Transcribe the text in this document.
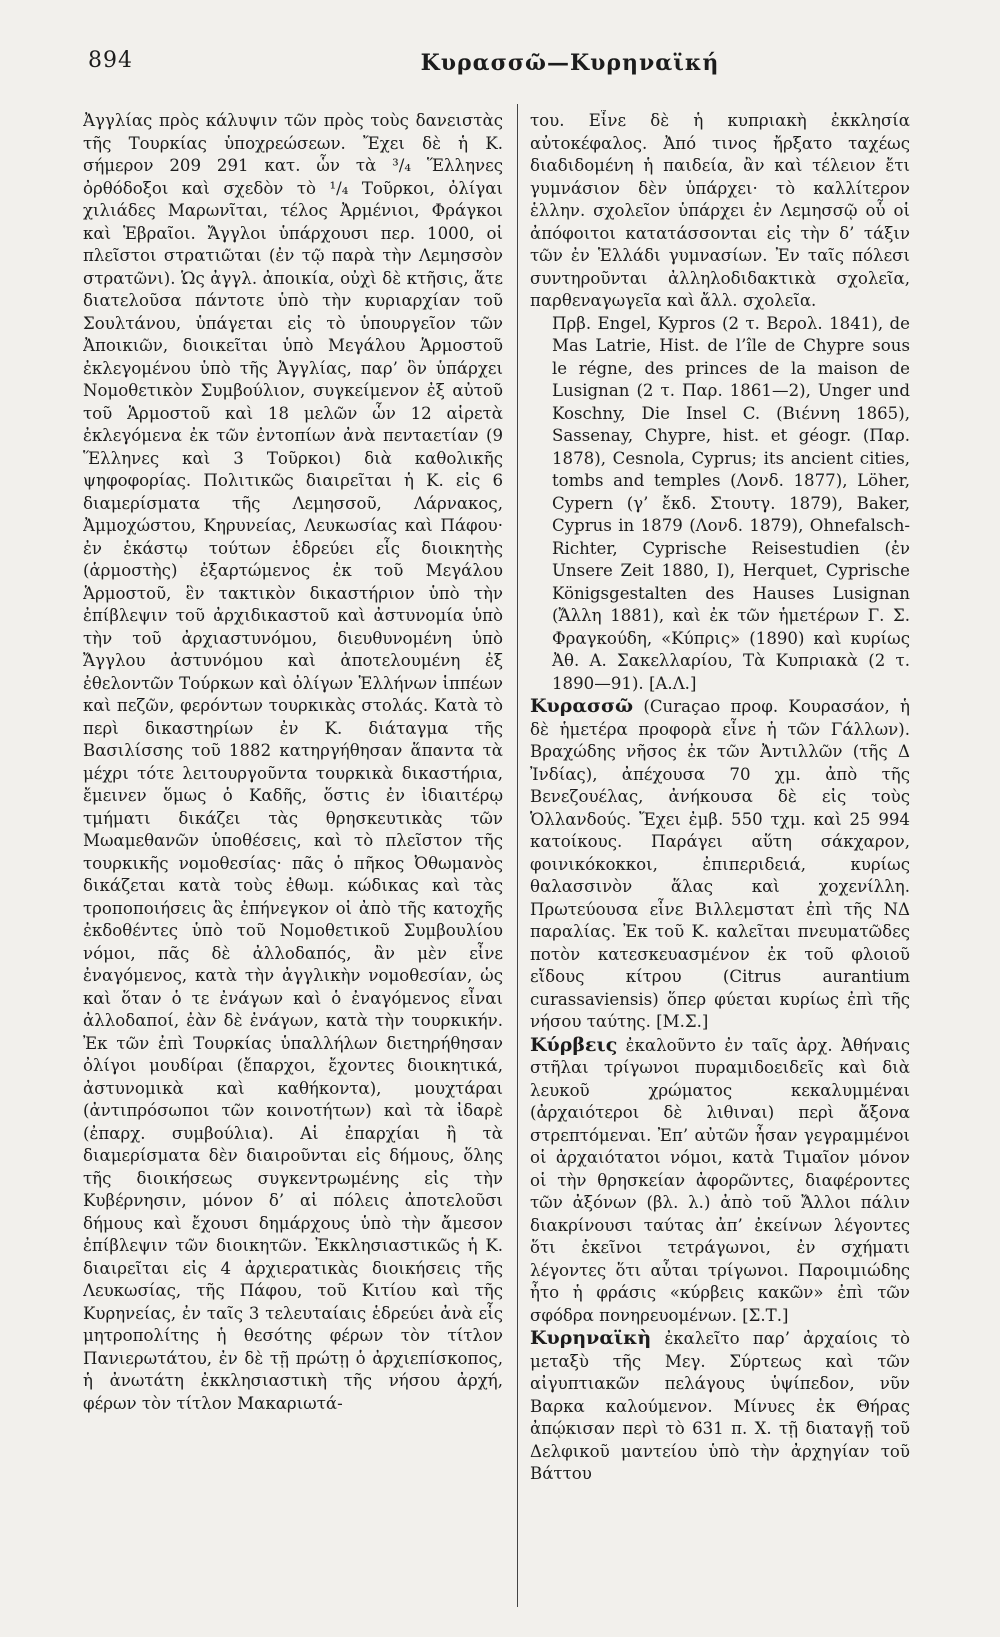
894	Κυρασσῶ—Κυρηναϊκή

Ἀγγλίας πρὸς κάλυψιν τῶν πρὸς τοὺς δανειστὰς τῆς Τουρκίας ὑποχρεώσεων. Ἔχει δὲ ἡ Κ. σήμερον 209 291 κατ. ὧν τὰ ³/₄ Ἕλληνες ὀρθόδοξοι καὶ σχεδὸν τὸ ¹/₄ Τοῦρκοι, ὀλίγαι χιλιάδες Μαρωνῖται, τέλος Ἀρμένιοι, Φράγκοι καὶ Ἑβραῖοι. Ἄγγλοι ὑπάρχουσι περ. 1000, οἱ πλεῖστοι στρατιῶται (ἐν τῷ παρὰ τὴν Λεμησσὸν στρατῶνι). Ὡς ἀγγλ. ἀποικία, οὐχὶ δὲ κτῆσις, ἅτε διατελοῦσα πάντοτε ὑπὸ τὴν κυριαρχίαν τοῦ Σουλτάνου, ὑπάγεται εἰς τὸ ὑπουργεῖον τῶν Ἀποικιῶν, διοικεῖται ὑπὸ Μεγάλου Ἁρμοστοῦ ἐκλεγομένου ὑπὸ τῆς Ἀγγλίας, παρ’ ὃν ὑπάρχει Νομοθετικὸν Συμβούλιον, συγκείμενον ἐξ αὐτοῦ τοῦ Ἁρμοστοῦ καὶ 18 μελῶν ὧν 12 αἱρετὰ ἐκλεγόμενα ἐκ τῶν ἐντοπίων ἀνὰ πενταετίαν (9 Ἕλληνες καὶ 3 Τοῦρκοι) διὰ καθολικῆς ψηφοφορίας. Πολιτικῶς διαιρεῖται ἡ Κ. εἰς 6 διαμερίσματα τῆς Λεμησσοῦ, Λάρνακος, Ἀμμοχώστου, Κηρυνείας, Λευκωσίας καὶ Πάφου· ἐν ἑκάστῳ τούτων ἑδρεύει εἷς διοικητὴς (ἁρμοστὴς) ἐξαρτώμενος ἐκ τοῦ Μεγάλου Ἁρμοστοῦ, ἓν τακτικὸν δικαστήριον ὑπὸ τὴν ἐπίβλεψιν τοῦ ἀρχιδικαστοῦ καὶ ἀστυνομία ὑπὸ τὴν τοῦ ἀρχιαστυνόμου, διευθυνομένη ὑπὸ Ἄγγλου ἀστυνόμου καὶ ἀποτελουμένη ἐξ ἐθελοντῶν Τούρκων καὶ ὀλίγων Ἑλλήνων ἱππέων καὶ πεζῶν, φερόντων τουρκικὰς στολάς. Κατὰ τὸ περὶ δικαστηρίων ἐν Κ. διάταγμα τῆς Βασιλίσσης τοῦ 1882 κατηργήθησαν ἅπαντα τὰ μέχρι τότε λειτουργοῦντα τουρκικὰ δικαστήρια, ἔμεινεν ὅμως ὁ Καδῆς, ὅστις ἐν ἰδιαιτέρῳ τμήματι δικάζει τὰς θρησκευτικὰς τῶν Μωαμεθανῶν ὑποθέσεις, καὶ τὸ πλεῖστον τῆς τουρκικῆς νομοθεσίας· πᾶς ὁ πῆκος Ὀθωμανὸς δικάζεται κατὰ τοὺς ἐθωμ. κώδικας καὶ τὰς τροποποιήσεις ἃς ἐπήνεγκον οἱ ἀπὸ τῆς κατοχῆς ἐκδοθέντες ὑπὸ τοῦ Νομοθετικοῦ Συμβουλίου νόμοι, πᾶς δὲ ἀλλοδαπός, ἂν μὲν εἶνε ἐναγόμενος, κατὰ τὴν ἀγγλικὴν νομοθεσίαν, ὡς καὶ ὅταν ὁ τε ἐνάγων καὶ ὁ ἐναγόμενος εἶναι ἀλλοδαποί, ἐὰν δὲ ἐνάγων, κατὰ τὴν τουρκικήν. Ἐκ τῶν ἐπὶ Τουρκίας ὑπαλλήλων διετηρήθησαν ὀλίγοι μουδίραι (ἔπαρχοι, ἔχοντες διοικητικά, ἀστυνομικὰ καὶ καθήκοντα), μουχτάραι (ἀντιπρόσωποι τῶν κοινοτήτων) καὶ τὰ ἰδαρὲ (ἐπαρχ. συμβούλια). Αἱ ἐπαρχίαι ἢ τὰ διαμερίσματα δὲν διαιροῦνται εἰς δήμους, ὅλης τῆς διοικήσεως συγκεντρωμένης εἰς τὴν Κυβέρνησιν, μόνον δ’ αἱ πόλεις ἀποτελοῦσι δήμους καὶ ἔχουσι δημάρχους ὑπὸ τὴν ἄμεσον ἐπίβλεψιν τῶν διοικητῶν. Ἐκκλησιαστικῶς ἡ Κ. διαιρεῖται εἰς 4 ἀρχιερατικὰς διοικήσεις τῆς Λευκωσίας, τῆς Πάφου, τοῦ Κιτίου καὶ τῆς Κυρηνείας, ἐν ταῖς 3 τελευταίαις ἑδρεύει ἀνὰ εἷς μητροπολίτης ἡ θεσότης φέρων τὸν τίτλον Πανιερωτάτου, ἐν δὲ τῇ πρώτῃ ὁ ἀρχιεπίσκοπος, ἡ ἀνωτάτη ἐκκλησιαστικὴ τῆς νήσου ἀρχή, φέρων τὸν τίτλον Μακαριωτά-

του. Εἶνε δὲ ἡ κυπριακὴ ἐκκλησία αὐτοκέφαλος. Ἀπό τινος ἤρξατο ταχέως διαδιδομένη ἡ παιδεία, ἂν καὶ τέλειον ἔτι γυμνάσιον δὲν ὑπάρχει· τὸ καλλίτερον ἑλλην. σχολεῖον ὑπάρχει ἐν Λεμησσῷ οὗ οἱ ἀπόφοιτοι κατατάσσονται εἰς τὴν δ’ τάξιν τῶν ἐν Ἑλλάδι γυμνασίων. Ἐν ταῖς πόλεσι συντηροῦνται ἀλληλοδιδακτικὰ σχολεῖα, παρθεναγωγεῖα καὶ ἄλλ. σχολεῖα.

Πρβ. Engel, Kypros (2 τ. Βερολ. 1841), de Mas Latrie, Hist. de l’île de Chypre sous le régne, des princes de la maison de Lusignan (2 τ. Παρ. 1861—2), Unger und Koschny, Die Insel C. (Βιέννη 1865), Sassenay, Chypre, hist. et géogr. (Παρ. 1878), Cesnola, Cyprus; its ancient cities, tombs and temples (Λονδ. 1877), Löher, Cypern (γ’ ἔκδ. Στουτγ. 1879), Baker, Cyprus in 1879 (Λονδ. 1879), Ohnefalsch-Richter, Cyprische Reisestudien (ἐν Unsere Zeit 1880, I), Herquet, Cyprische Königsgestalten des Hauses Lusignan (Ἄλλη 1881), καὶ ἐκ τῶν ἡμετέρων Γ. Σ. Φραγκούδη, «Κύπρις» (1890) καὶ κυρίως Ἀθ. Α. Σακελλαρίου, Τὰ Κυπριακὰ (2 τ. 1890—91). [Α.Λ.]

Κυρασσῶ (Curaçao προφ. Κουρασάον, ἡ δὲ ἡμετέρα προφορὰ εἶνε ἡ τῶν Γάλλων). Βραχώδης νῆσος ἐκ τῶν Ἀντιλλῶν (τῆς Δ Ἰνδίας), ἀπέχουσα 70 χμ. ἀπὸ τῆς Βενεζουέλας, ἀνήκουσα δὲ εἰς τοὺς Ὁλλανδούς. Ἔχει ἐμβ. 550 τχμ. καὶ 25 994 κατοίκους. Παράγει αὕτη σάκχαρον, φοινικόκοκκοι, ἐπιπεριδειά, κυρίως θαλασσινὸν ἅλας καὶ χοχενίλλη. Πρωτεύουσα εἶνε Βιλλεμστατ ἐπὶ τῆς ΝΔ παραλίας. Ἐκ τοῦ Κ. καλεῖται πνευματῶδες ποτὸν κατεσκευασμένον ἐκ τοῦ φλοιοῦ εἴδους κίτρου (Citrus aurantium curassaviensis) ὅπερ φύεται κυρίως ἐπὶ τῆς νήσου ταύτης. [Μ.Σ.]

Κύρβεις ἐκαλοῦντο ἐν ταῖς ἀρχ. Ἀθήναις στῆλαι τρίγωνοι πυραμιδοειδεῖς καὶ διὰ λευκοῦ χρώματος κεκαλυμμέναι (ἀρχαιότεροι δὲ λιθιναι) περὶ ἄξονα στρεπτόμεναι. Ἐπ’ αὐτῶν ἦσαν γεγραμμένοι οἱ ἀρχαιότατοι νόμοι, κατὰ Τιμαῖον μόνον οἱ τὴν θρησκείαν ἀφορῶντες, διαφέροντες τῶν ἀξόνων (βλ. λ.) ἀπὸ τοῦ Ἄλλοι πάλιν διακρίνουσι ταύτας ἀπ’ ἐκείνων λέγοντες ὅτι ἐκεῖνοι τετράγωνοι, ἐν σχήματι λέγοντες ὅτι αὗται τρίγωνοι. Παροιμιώδης ἦτο ἡ φράσις «κύρβεις κακῶν» ἐπὶ τῶν σφόδρα πονηρευομένων. [Σ.Τ.]

Κυρηναϊκὴ ἐκαλεῖτο παρ’ ἀρχαίοις τὸ μεταξὺ τῆς Μεγ. Σύρτεως καὶ τῶν αἰγυπτιακῶν πελάγους ὑψίπεδον, νῦν Βαρκα καλούμενον. Μίνυες ἐκ Θήρας ἀπῴκισαν περὶ τὸ 631 π. Χ. τῇ διαταγῇ τοῦ Δελφικοῦ μαντείου ὑπὸ τὴν ἀρχηγίαν τοῦ Βάττου
